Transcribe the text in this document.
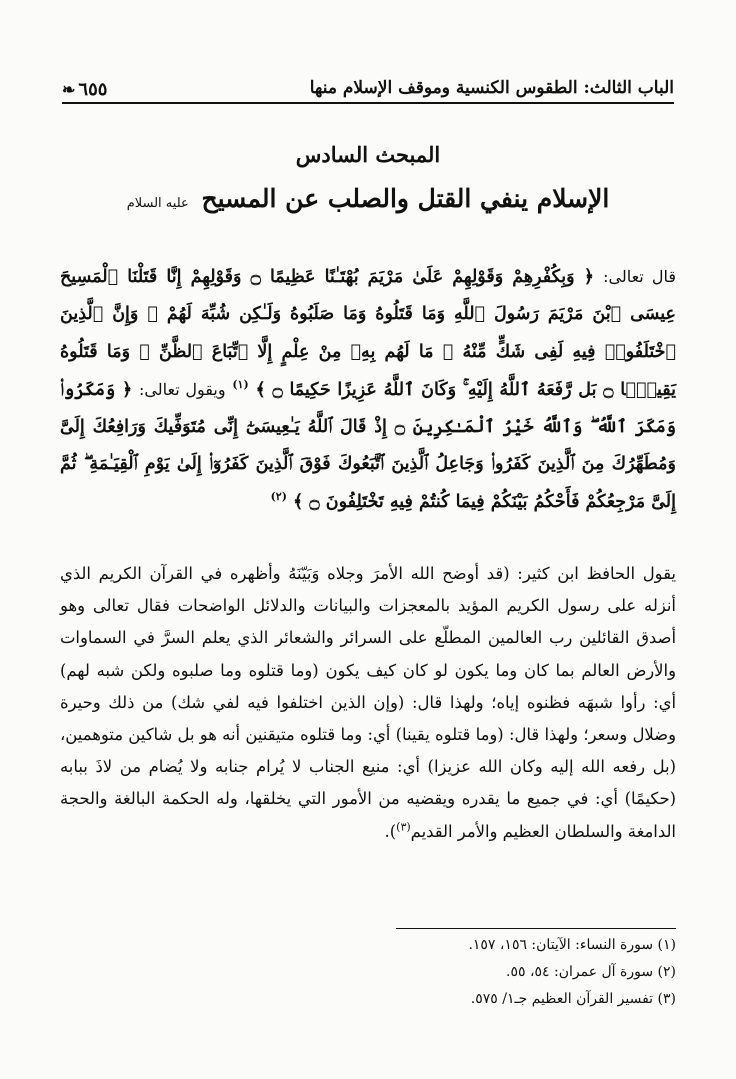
الباب الثالث: الطقوس الكنسية وموقف الإسلام منها
٦٥٥
❧
المبحث السادس
الإسلام ينفي القتل والصلب عن المسيح عليه السلام
قال تعالى: ﴿ وَبِكُفْرِهِمْ وَقَوْلِهِمْ عَلَىٰ مَرْيَمَ بُهْتَـٰنًا عَظِيمًا ۝ وَقَوْلِهِمْ إِنَّا قَتَلْنَا ٱلْمَسِيحَ عِيسَى ٱبْنَ مَرْيَمَ رَسُولَ ٱللَّهِ وَمَا قَتَلُوهُ وَمَا صَلَبُوهُ وَلَـٰكِن شُبِّهَ لَهُمْ ۚ وَإِنَّ ٱلَّذِينَ ٱخْتَلَفُوا۟ فِيهِ لَفِى شَكٍّ مِّنْهُ ۚ مَا لَهُم بِهِۦ مِنْ عِلْمٍ إِلَّا ٱتِّبَاعَ ٱلظَّنِّ ۚ وَمَا قَتَلُوهُ يَقِينًۢا ۝ بَل رَّفَعَهُ ٱللَّهُ إِلَيْهِ ۚ وَكَانَ ٱللَّهُ عَزِيزًا حَكِيمًا ۝ ﴾ $^{(١)}$ ويقول تعالى: ﴿ وَمَكَرُوا۟ وَمَكَرَ ٱللَّهُ ۖ وَٱللَّهُ خَيْرُ ٱلْمَـٰكِرِينَ ۝ إِذْ قَالَ ٱللَّهُ يَـٰعِيسَىٰٓ إِنِّى مُتَوَفِّيكَ وَرَافِعُكَ إِلَىَّ وَمُطَهِّرُكَ مِنَ ٱلَّذِينَ كَفَرُوا۟ وَجَاعِلُ ٱلَّذِينَ ٱتَّبَعُوكَ فَوْقَ ٱلَّذِينَ كَفَرُوٓا۟ إِلَىٰ يَوْمِ ٱلْقِيَـٰمَةِ ۖ ثُمَّ إِلَىَّ مَرْجِعُكُمْ فَأَحْكُمُ بَيْنَكُمْ فِيمَا كُنتُمْ فِيهِ تَخْتَلِفُونَ ۝ ﴾ $^{(٢)}$
يقول الحافظ ابن كثير: (قد أوضح الله الأمرَ وجلاه وَبَيّنَهُ وأظهره في القرآن الكريم الذي أنزله على رسول الكريم المؤيد بالمعجزات والبيانات والدلائل الواضحات فقال تعالى وهو أصدق القائلين رب العالمين المطلّع على السرائر والشعائر الذي يعلم السرَّ في السماوات والأرض العالم بما كان وما يكون لو كان كيف يكون (وما قتلوه وما صلبوه ولكن شبه لهم) أي: رأوا شبهَه فظنوه إياه؛ ولهذا قال: (وإن الذين اختلفوا فيه لفي شك) من ذلك وحيرة وضلال وسعر؛ ولهذا قال: (وما قتلوه يقينا) أي: وما قتلوه متيقنين أنه هو بل شاكين متوهمين، (بل رفعه الله إليه وكان الله عزيزا) أي: منيع الجناب لا يُرام جنابه ولا يُضام من لاذَ ببابه (حكيمًا) أي: في جميع ما يقدره ويقضيه من الأمور التي يخلقها، وله الحكمة البالغة والحجة الدامغة والسلطان العظيم والأمر القديم$^{(٣)}$).
(١) سورة النساء: الآيتان: ١٥٦، ١٥٧.
(٢) سورة آل عمران: ٥٤، ٥٥.
(٣) تفسير القرآن العظيم جـ١/ ٥٧٥.
